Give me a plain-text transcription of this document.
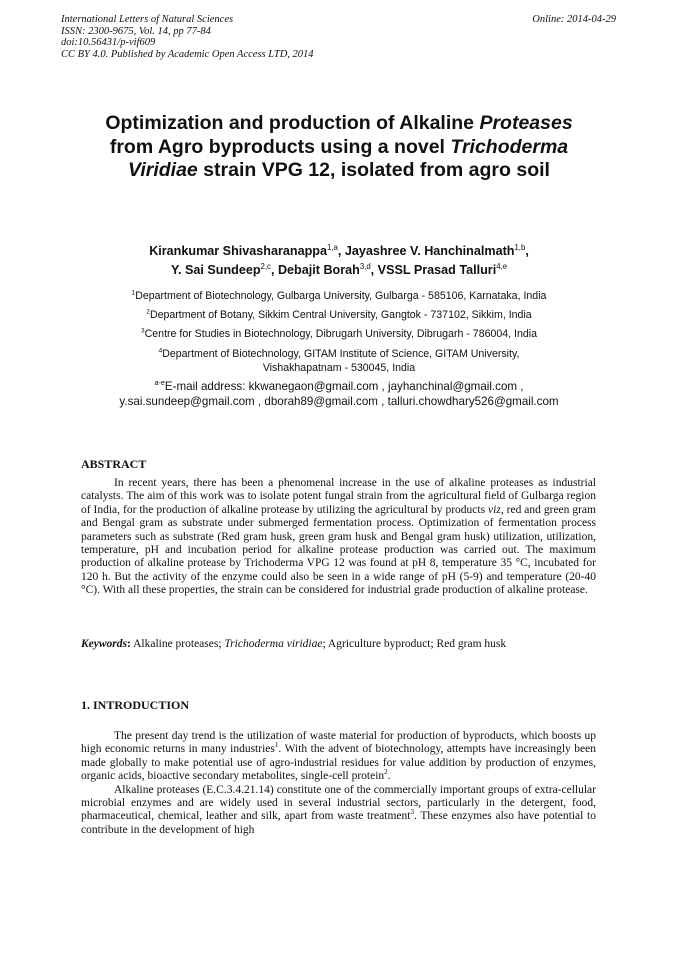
International Letters of Natural Sciences
ISSN: 2300-9675, Vol. 14, pp 77-84
doi:10.56431/p-vif609
CC BY 4.0. Published by Academic Open Access LTD, 2014
Online: 2014-04-29
Optimization and production of Alkaline Proteases
from Agro byproducts using a novel Trichoderma
Viridiae strain VPG 12, isolated from agro soil
Kirankumar Shivasharanappa$^{1,a}$, Jayashree V. Hanchinalmath$^{1,b}$,
Y. Sai Sundeep$^{2,c}$, Debajit Borah$^{3,d}$, VSSL Prasad Talluri$^{4,e}$

$^1$Department of Biotechnology, Gulbarga University, Gulbarga - 585106, Karnataka, India

$^2$Department of Botany, Sikkim Central University, Gangtok - 737102, Sikkim, India

$^3$Centre for Studies in Biotechnology, Dibrugarh University, Dibrugarh - 786004, India

$^4$Department of Biotechnology, GITAM Institute of Science, GITAM University,
Vishakhapatnam - 530045, India

$^{a-e}$E-mail address: kkwanegaon@gmail.com , jayhanchinal@gmail.com ,
y.sai.sundeep@gmail.com , dborah89@gmail.com , talluri.chowdhary526@gmail.com
ABSTRACT

In recent years, there has been a phenomenal increase in the use of alkaline proteases as industrial catalysts. The aim of this work was to isolate potent fungal strain from the agricultural field of Gulbarga region of India, for the production of alkaline protease by utilizing the agricultural by products viz, red and green gram and Bengal gram as substrate under submerged fermentation process. Optimization of fermentation process parameters such as substrate (Red gram husk, green gram husk and Bengal gram husk) utilization, utilization, temperature, pH and incubation period for alkaline protease production was carried out. The maximum production of alkaline protease by Trichoderma VPG 12 was found at pH 8, temperature 35 °C, incubated for 120 h. But the activity of the enzyme could also be seen in a wide range of pH (5-9) and temperature (20-40 °C). With all these properties, the strain can be considered for industrial grade production of alkaline protease.

Keywords: Alkaline proteases; Trichoderma viridiae; Agriculture byproduct; Red gram husk
1. INTRODUCTION

The present day trend is the utilization of waste material for production of byproducts, which boosts up high economic returns in many industries$^1$. With the advent of biotechnology, attempts have increasingly been made globally to make potential use of agro-industrial residues for value addition by production of enzymes, organic acids, bioactive secondary metabolites, single-cell protein$^2$.

Alkaline proteases (E.C.3.4.21.14) constitute one of the commercially important groups of extra-cellular microbial enzymes and are widely used in several industrial sectors, particularly in the detergent, food, pharmaceutical, chemical, leather and silk, apart from waste treatment$^3$. These enzymes also have potential to contribute in the development of high
